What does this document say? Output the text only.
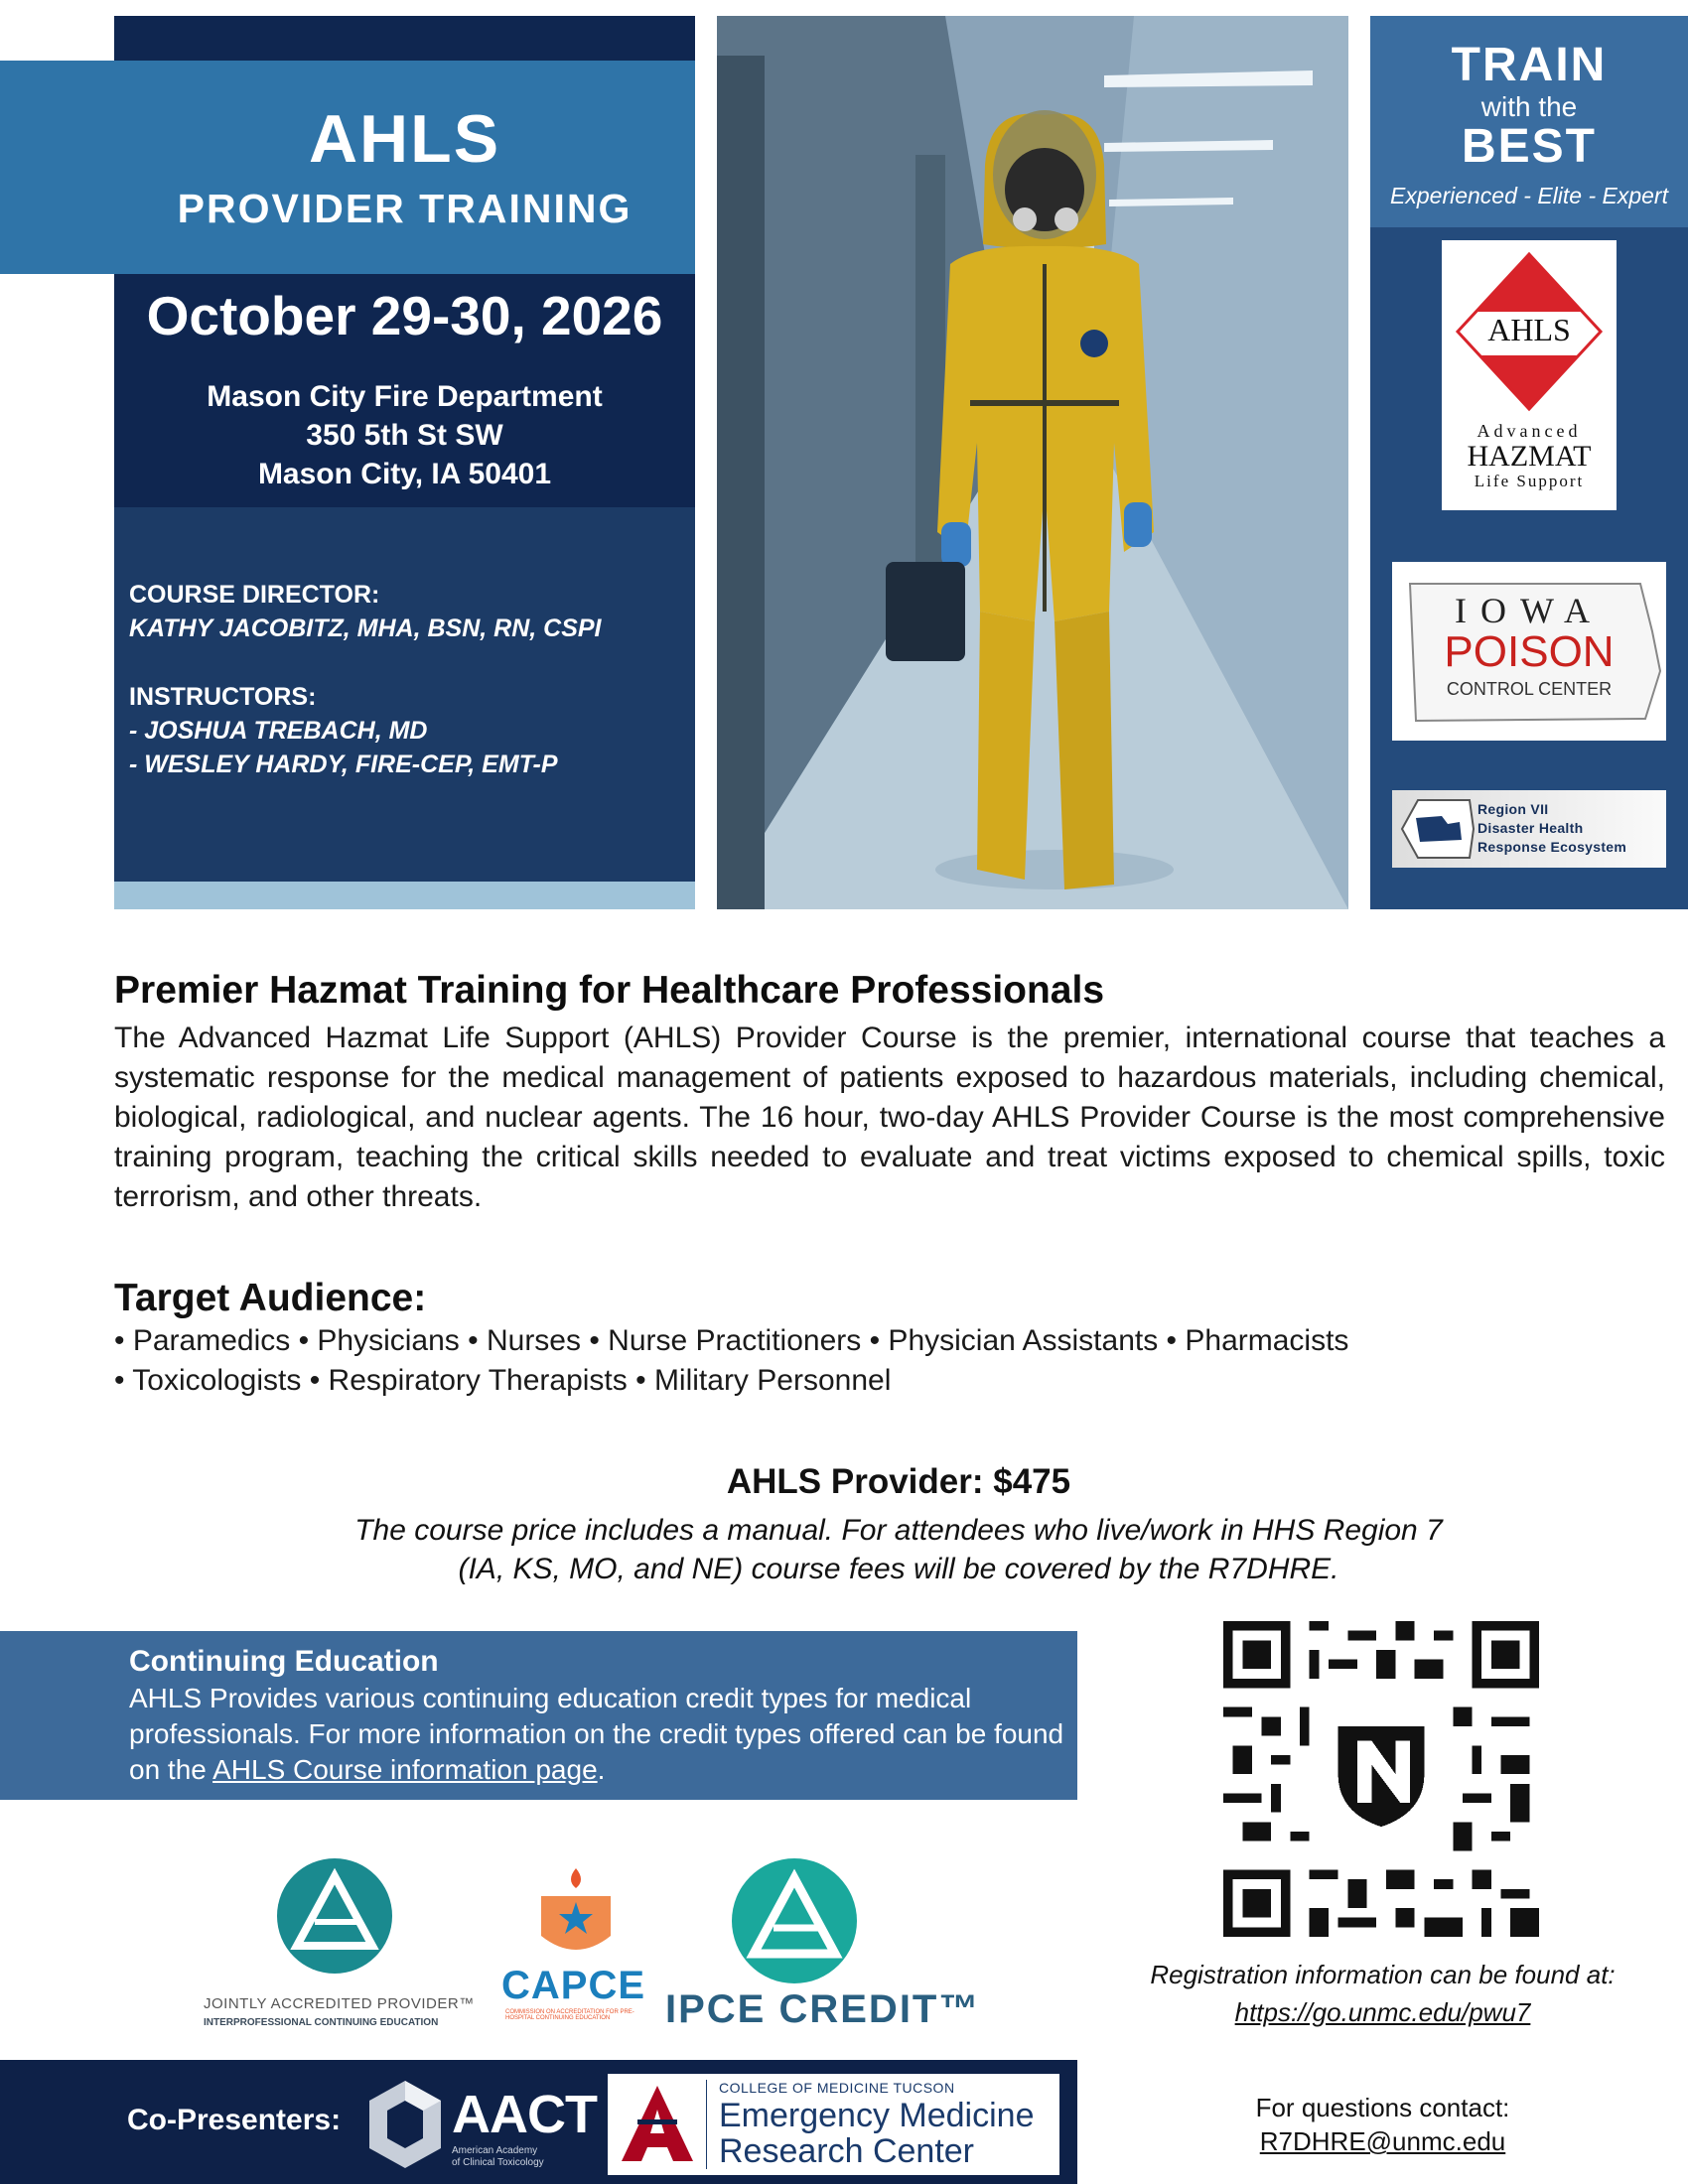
AHLS
PROVIDER TRAINING
October 29-30, 2026
Mason City Fire Department
350 5th St SW
Mason City, IA 50401
COURSE DIRECTOR:
KATHY JACOBITZ, MHA, BSN, RN, CSPI
INSTRUCTORS:
- JOSHUA TREBACH, MD
- WESLEY HARDY, FIRE-CEP, EMT-P
TRAIN
with the
BEST
Experienced - Elite - Expert
AHLS
Advanced
HAZMAT
Life Support
IOWA
POISON
CONTROL CENTER
Region VII
Disaster Health
Response Ecosystem
Premier Hazmat Training for Healthcare Professionals
The Advanced Hazmat Life Support (AHLS) Provider Course is the premier, international course that teaches a systematic response for the medical management of patients exposed to hazardous materials, including chemical, biological, radiological, and nuclear agents. The 16 hour, two-day AHLS Provider Course is the most comprehensive training program, teaching the critical skills needed to evaluate and treat victims exposed to chemical spills, toxic terrorism, and other threats.
Target Audience:
• Paramedics • Physicians • Nurses • Nurse Practitioners • Physician Assistants • Pharmacists
• Toxicologists • Respiratory Therapists • Military Personnel
AHLS Provider: $475
The course price includes a manual. For attendees who live/work in HHS Region 7
(IA, KS, MO, and NE) course fees will be covered by the R7DHRE.
Continuing Education
AHLS Provides various continuing education credit types for medical professionals. For more information on the credit types offered can be found on the AHLS Course information page.
JOINTLY ACCREDITED PROVIDER™
INTERPROFESSIONAL CONTINUING EDUCATION
CAPCE
COMMISSION ON ACCREDITATION FOR PRE-HOSPITAL CONTINUING EDUCATION	IPCE CREDIT™
Registration information can be found at:
https://go.unmc.edu/pwu7
For questions contact:
R7DHRE@unmc.edu
Co-Presenters: AACT
American Academy
of Clinical Toxicology
COLLEGE OF MEDICINE TUCSON
Emergency Medicine
Research Center
